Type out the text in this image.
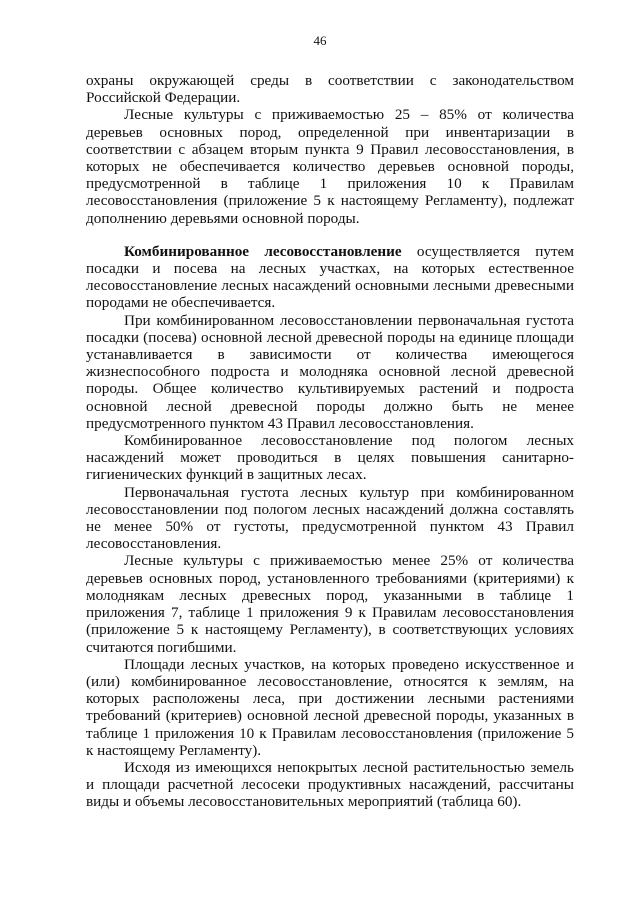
46

охраны окружающей среды в соответствии с законодательством Российской Федерации.

Лесные культуры с приживаемостью 25 – 85% от количества деревьев основных пород, определенной при инвентаризации в соответствии с абзацем вторым пункта 9 Правил лесовосстановления, в которых не обеспечивается количество деревьев основной породы, предусмотренной в таблице 1 приложения 10 к Правилам лесовосстановления (приложение 5 к настоящему Регламенту), подлежат дополнению деревьями основной породы.

Комбинированное лесовосстановление осуществляется путем посадки и посева на лесных участках, на которых естественное лесовосстановление лесных насаждений основными лесными древесными породами не обеспечивается.

При комбинированном лесовосстановлении первоначальная густота посадки (посева) основной лесной древесной породы на единице площади устанавливается в зависимости от количества имеющегося жизнеспособного подроста и молодняка основной лесной древесной породы. Общее количество культивируемых растений и подроста основной лесной древесной породы должно быть не менее предусмотренного пунктом 43 Правил лесовосстановления.

Комбинированное лесовосстановление под пологом лесных насаждений может проводиться в целях повышения санитарно-гигиенических функций в защитных лесах.

Первоначальная густота лесных культур при комбинированном лесовосстановлении под пологом лесных насаждений должна составлять не менее 50% от густоты, предусмотренной пунктом 43 Правил лесовосстановления.

Лесные культуры с приживаемостью менее 25% от количества деревьев основных пород, установленного требованиями (критериями) к молоднякам лесных древесных пород, указанными в таблице 1 приложения 7, таблице 1 приложения 9 к Правилам лесовосстановления (приложение 5 к настоящему Регламенту), в соответствующих условиях считаются погибшими.

Площади лесных участков, на которых проведено искусственное и (или) комбинированное лесовосстановление, относятся к землям, на которых расположены леса, при достижении лесными растениями требований (критериев) основной лесной древесной породы, указанных в таблице 1 приложения 10 к Правилам лесовосстановления (приложение 5 к настоящему Регламенту).

Исходя из имеющихся непокрытых лесной растительностью земель и площади расчетной лесосеки продуктивных насаждений, рассчитаны виды и объемы лесовосстановительных мероприятий (таблица 60).
